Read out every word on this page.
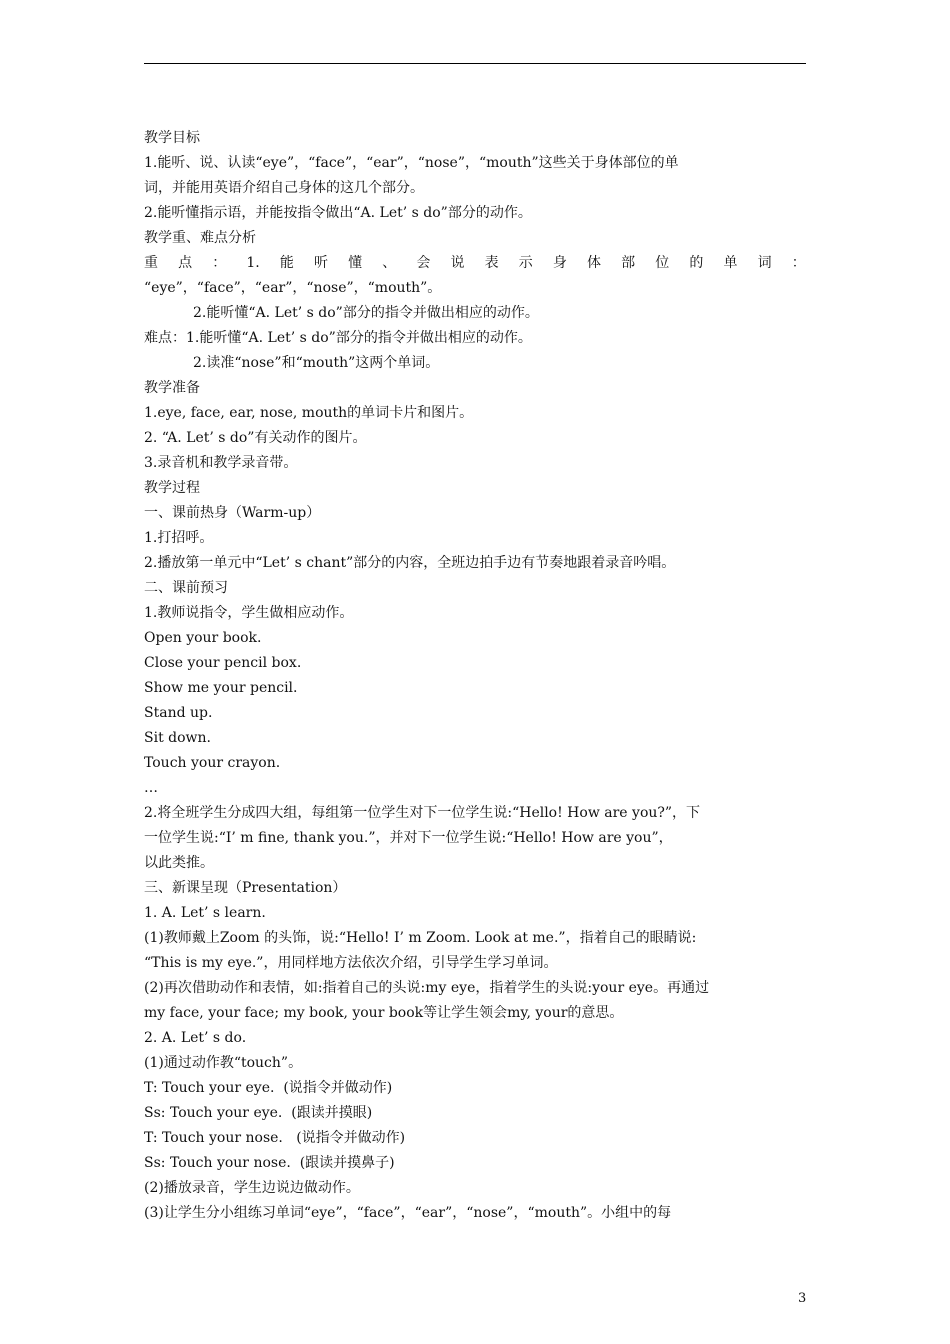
教学目标
1.能听、说、认读“eye”，“face”，“ear”，“nose”，“mouth”这些关于身体部位的单
词，并能用英语介绍自己身体的这几个部分。
2.能听懂指示语，并能按指令做出“A. Let’ s do”部分的动作。
教学重、难点分析
重 点 ： 1. 能 听 懂 、 会 说 表 示 身 体 部 位 的 单 词 ：
“eye”，“face”，“ear”，“nose”，“mouth”。
2.能听懂“A. Let’ s do”部分的指令并做出相应的动作。
难点：1.能听懂“A. Let’ s do”部分的指令并做出相应的动作。
2.读准“nose”和“mouth”这两个单词。
教学准备
1.eye, face, ear, nose, mouth的单词卡片和图片。
2. “A. Let’ s do”有关动作的图片。
3.录音机和教学录音带。
教学过程
一、课前热身（Warm-up）
1.打招呼。
2.播放第一单元中“Let’ s chant”部分的内容，全班边拍手边有节奏地跟着录音吟唱。
二、课前预习
1.教师说指令，学生做相应动作。
Open your book.
Close your pencil box.
Show me your pencil.
Stand up.
Sit down.
Touch your crayon.
…
2.将全班学生分成四大组，每组第一位学生对下一位学生说:“Hello! How are you?”，下
一位学生说:“I’ m fine, thank you.”，并对下一位学生说:“Hello! How are you”，
以此类推。
三、新课呈现（Presentation）
1. A. Let’ s learn.
(1)教师戴上Zoom 的头饰，说:“Hello! I’ m Zoom. Look at me.”，指着自己的眼睛说:
“This is my eye.”，用同样地方法依次介绍，引导学生学习单词。
(2)再次借助动作和表情，如:指着自己的头说:my eye，指着学生的头说:your eye。再通过
my face, your face; my book, your book等让学生领会my, your的意思。
2. A. Let’ s do.
(1)通过动作教“touch”。
T: Touch your eye.  (说指令并做动作)
Ss: Touch your eye.  (跟读并摸眼)
T: Touch your nose.   (说指令并做动作)
Ss: Touch your nose.  (跟读并摸鼻子)
(2)播放录音，学生边说边做动作。
(3)让学生分小组练习单词“eye”，“face”，“ear”，“nose”，“mouth”。小组中的每
3
